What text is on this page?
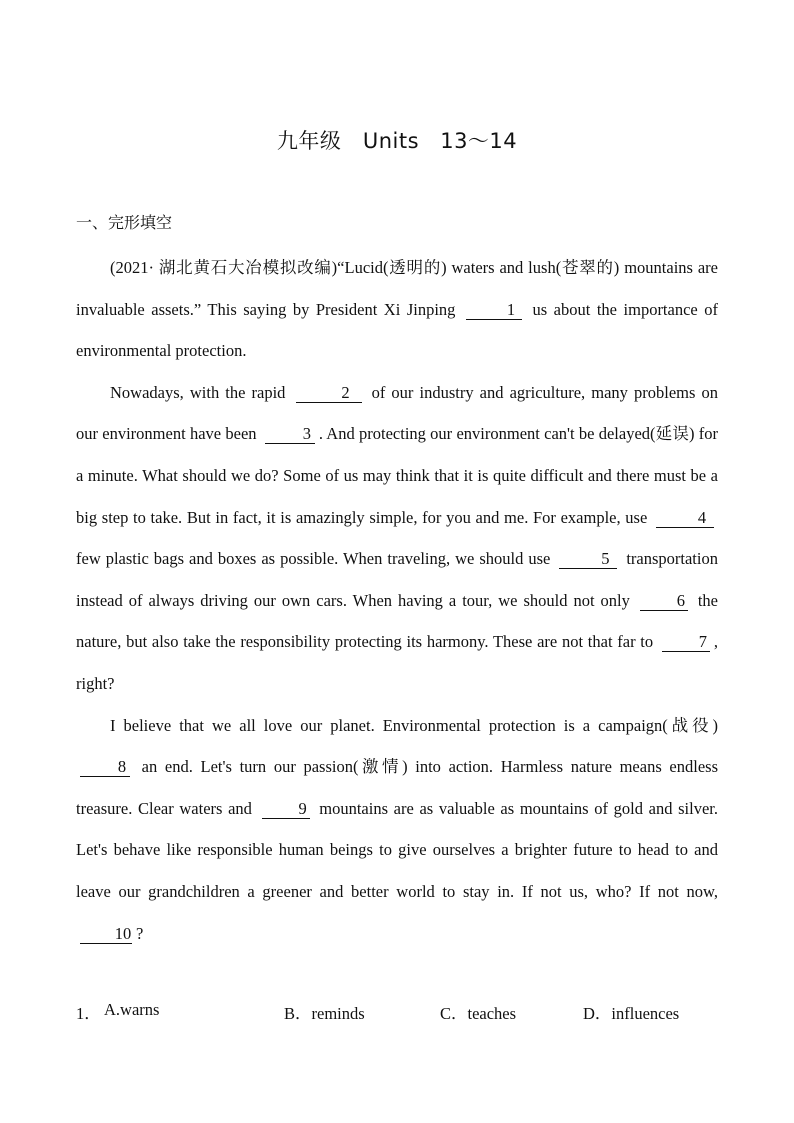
九年级　Units 13～14
一、完形填空

(2021· 湖北黄石大冶模拟改编)“Lucid(透明的) waters and lush(苍翠的) mountains are invaluable assets.” This saying by President Xi Jinping	1 us about the importance of environmental protection.

Nowadays, with the rapid	2 of our industry and agriculture, many problems on our environment have been	3 . And protecting our environment can't be delayed(延误) for a minute. What should we do? Some of us may think that it is quite difficult and there must be a big step to take. But in fact, it is amazingly simple, for you and me. For example, use	4 few plastic bags and boxes as possible. When traveling, we should use	5 transportation instead of always driving our own cars. When having a tour, we should not only 6 the nature, but also take the responsibility protecting its harmony. These are not that far to 7 , right?

I believe that we all love our planet. Environmental protection is a campaign(战役) 8 an end. Let's turn our passion(激情) into action. Harmless nature means endless treasure. Clear waters and 9 mountains are as valuable as mountains of gold and silver. Let's behave like responsible human beings to give ourselves a brighter future to head to and leave our grandchildren a greener and better world to stay in. If not us, who? If not now, 10 ?

1． A.warns	B．reminds	C．teaches	D．influences
